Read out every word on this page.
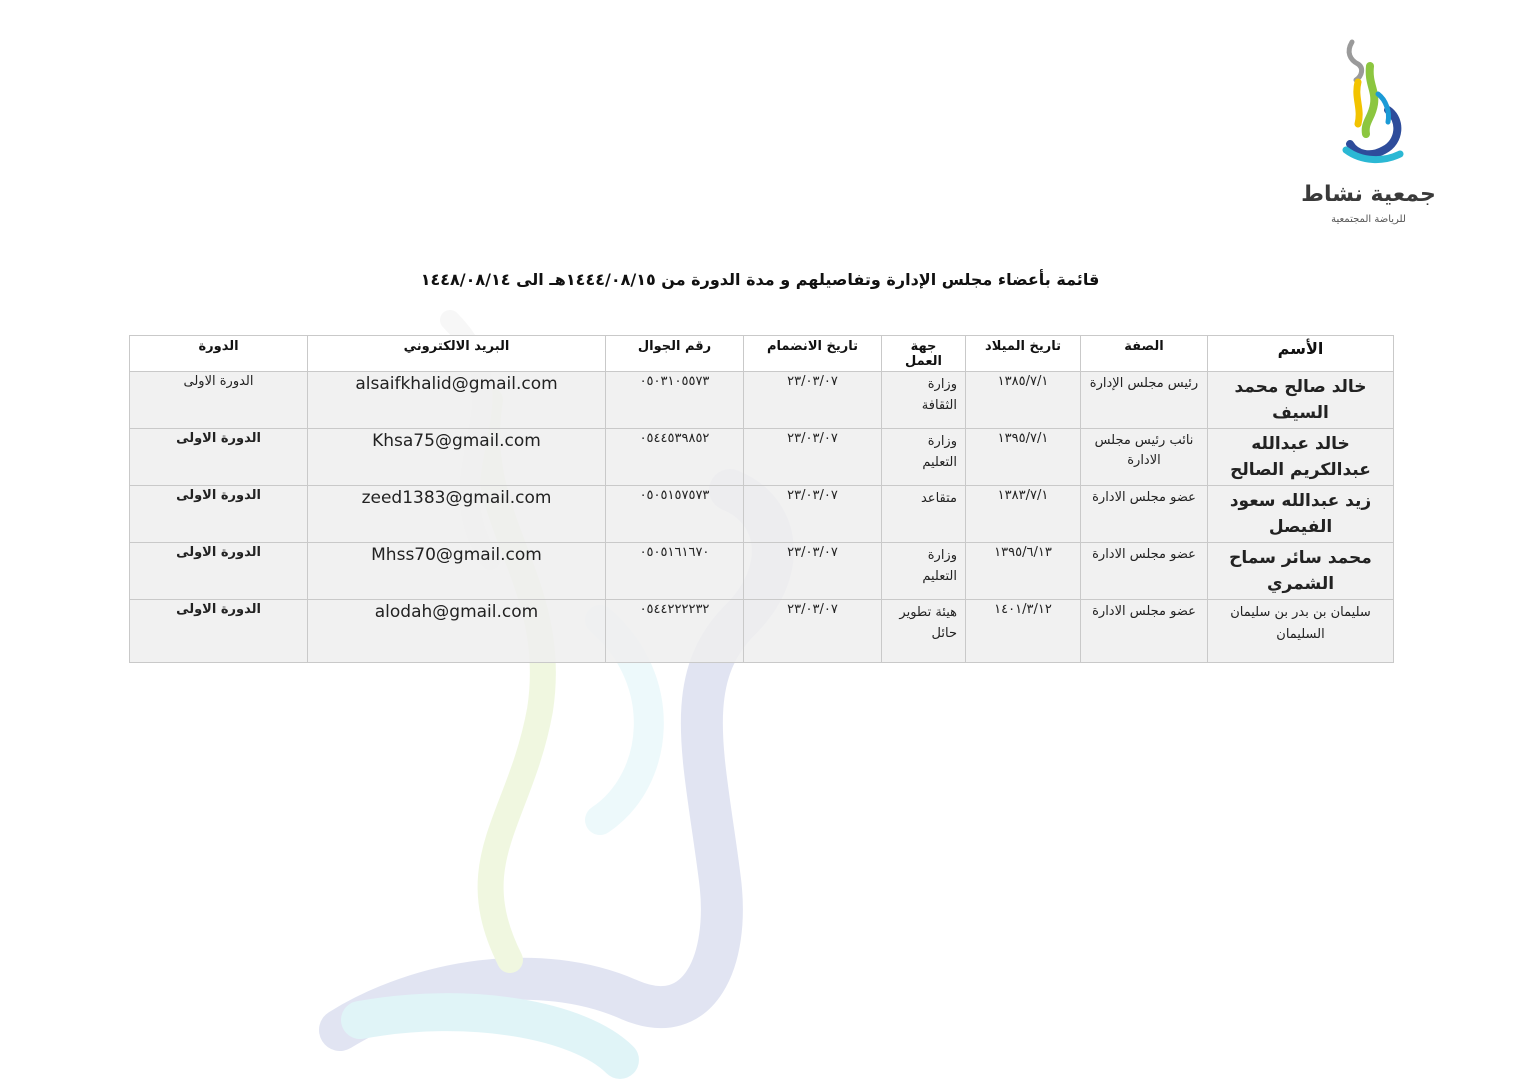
جمعية نشاط
للرياضة المجتمعية
قائمة بأعضاء مجلس الإدارة وتفاصيلهم و مدة الدورة من ١٤٤٤/٠٨/١٥هـ الى ١٤٤٨/٠٨/١٤
الأسم	الصفة	تاريخ الميلاد	جهة العمل	تاريخ الانضمام	رقم الجوال	البريد الالكتروني	الدورة
خالد صالح محمد السيف	رئيس مجلس الإدارة	١٣٨٥/٧/١	وزارة الثقافة	٢٣/٠٣/٠٧	٠٥٠٣١٠٥٥٧٣	alsaifkhalid@gmail.com	الدورة الاولى
خالد عبدالله عبدالكريم الصالح	نائب رئيس مجلس الادارة	١٣٩٥/٧/١	وزارة التعليم	٢٣/٠٣/٠٧	٠٥٤٤٥٣٩٨٥٢	Khsa75@gmail.com	الدورة الاولى
زيد عبدالله سعود الفيصل	عضو مجلس الادارة	١٣٨٣/٧/١	متقاعد	٢٣/٠٣/٠٧	٠٥٠٥١٥٧٥٧٣	zeed1383@gmail.com	الدورة الاولى
محمد سائر سماح الشمري	عضو مجلس الادارة	١٣٩٥/٦/١٣	وزارة التعليم	٢٣/٠٣/٠٧	٠٥٠٥١٦١٦٧٠	Mhss70@gmail.com	الدورة الاولى
سليمان بن بدر بن سليمان السليمان	عضو مجلس الادارة	١٤٠١/٣/١٢	هيئة تطوير حائل	٢٣/٠٣/٠٧	٠٥٤٤٢٢٢٢٣٢	alodah@gmail.com	الدورة الاولى
